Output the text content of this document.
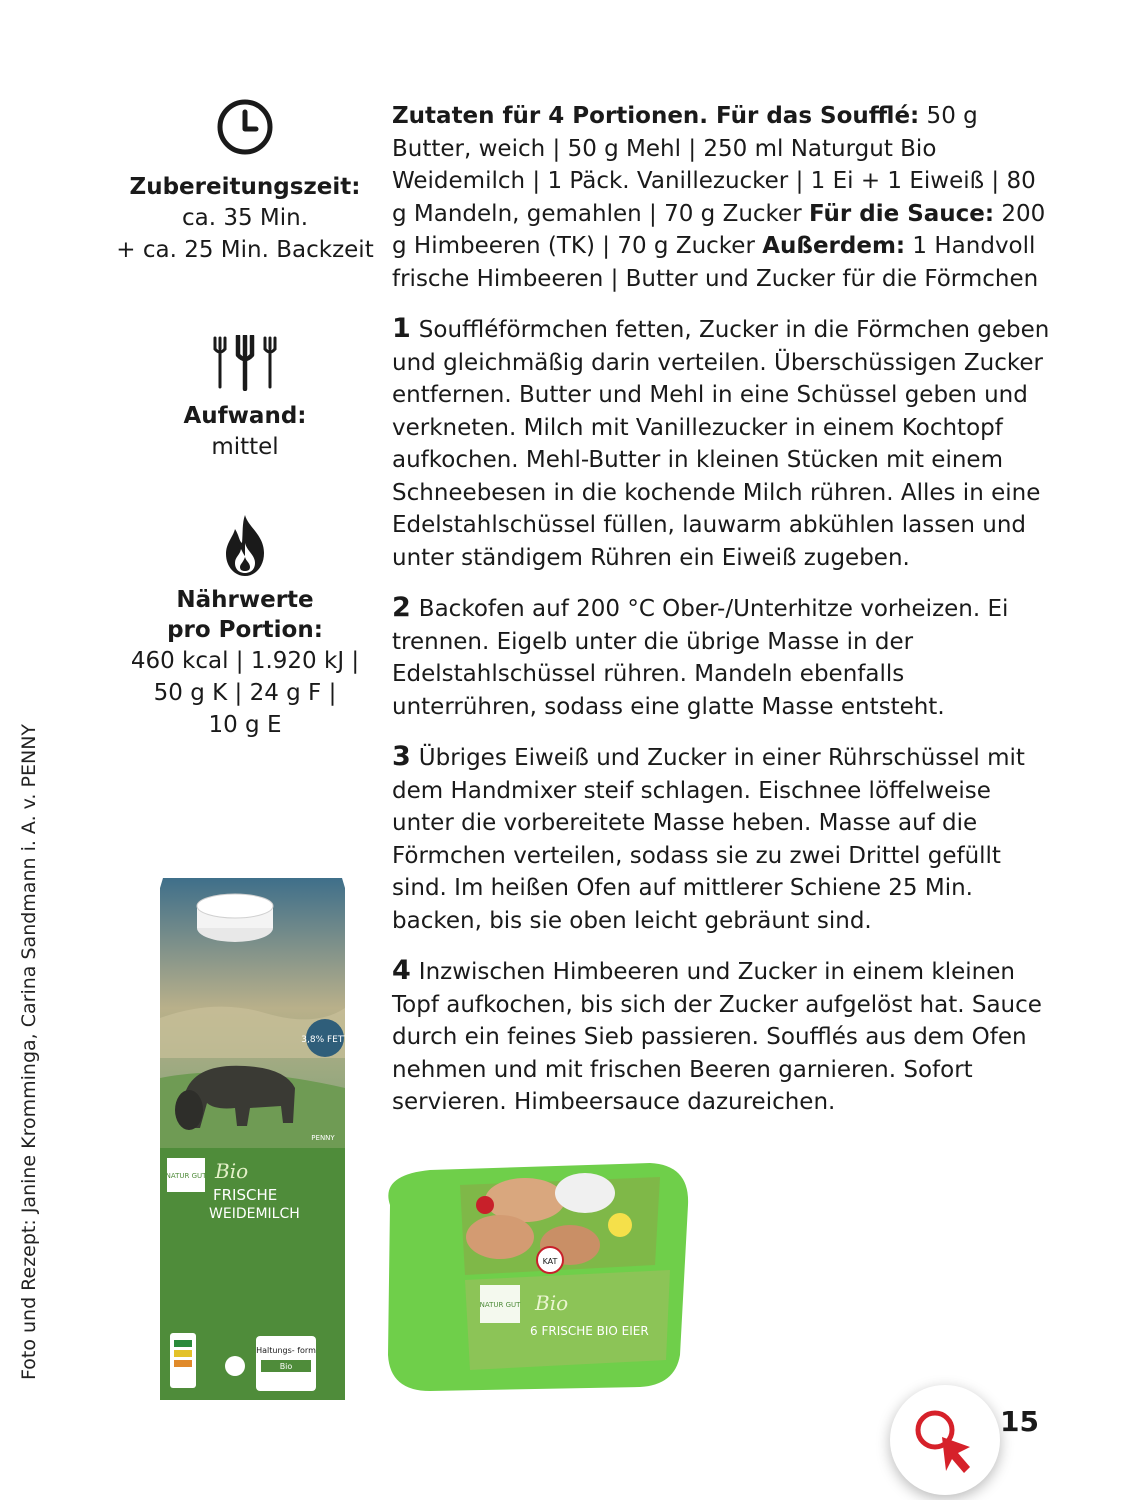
Zubereitungszeit:
ca. 35 Min.
+ ca. 25 Min. Backzeit
Aufwand:
mittel
Nährwerte
pro Portion:
460 kcal | 1.920 kJ |
50 g K | 24 g F |
10 g E

Zutaten für 4 Portionen. Für das Soufflé: 50 g Butter, weich | 50 g Mehl | 250 ml Naturgut Bio Weidemilch | 1 Päck. Vanillezucker | 1 Ei + 1 Eiweiß | 80 g Mandeln, gemahlen | 70 g Zucker Für die Sauce: 200 g Himbeeren (TK) | 70 g Zucker Außerdem: 1 Handvoll frische Himbeeren | Butter und Zucker für die Förmchen

1 Souffléförmchen fetten, Zucker in die Förmchen geben und gleichmäßig darin verteilen. Überschüssigen Zucker entfernen. Butter und Mehl in eine Schüssel geben und verkneten. Milch mit Vanillezucker in einem Kochtopf aufkochen. Mehl-Butter in kleinen Stücken mit einem Schneebesen in die kochende Milch rühren. Alles in eine Edelstahlschüssel füllen, lauwarm abkühlen lassen und unter ständigem Rühren ein Eiweiß zugeben.

2 Backofen auf 200 °C Ober-/Unterhitze vorheizen. Ei trennen. Eigelb unter die übrige Masse in der Edelstahlschüssel rühren. Mandeln ebenfalls unterrühren, sodass eine glatte Masse entsteht.

3 Übriges Eiweiß und Zucker in einer Rührschüssel mit dem Handmixer steif schlagen. Eischnee löffelweise unter die vorbereitete Masse heben. Masse auf die Förmchen verteilen, sodass sie zu zwei Drittel gefüllt sind. Im heißen Ofen auf mittlerer Schiene 25 Min. backen, bis sie oben leicht gebräunt sind.

4 Inzwischen Himbeeren und Zucker in einem kleinen Topf aufkochen, bis sich der Zucker aufgelöst hat. Sauce durch ein feines Sieb passieren. Soufflés aus dem Ofen nehmen und mit frischen Beeren garnieren. Sofort servieren. Himbeersauce dazureichen.

Foto und Rezept: Janine Kromminga, Carina Sandmann i. A. v. PENNY	3,8% FETT
NATUR GUT Bio
FRISCHE
WEIDEMILCH
PENNY
Haltungs- form
Bio
NATUR GUT Bio
6 FRISCHE BIO EIER
KAT
15
